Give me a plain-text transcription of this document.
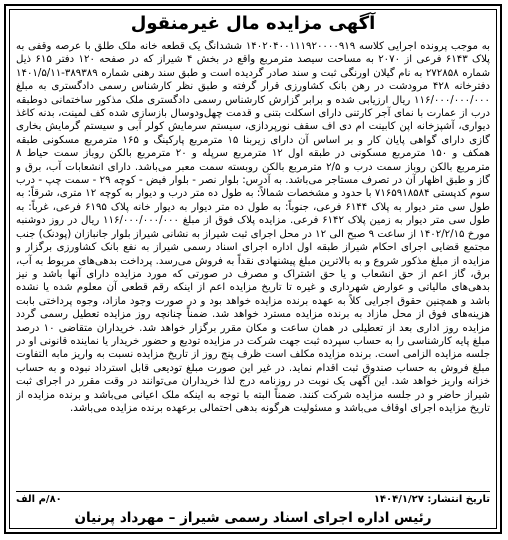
آگهی مزایده مال غیرمنقول

به موجب پرونده اجرایی کلاسه ۱۴۰۲۰۴۰۰۱۱۱۹۲۰۰۰۰۹۱۹ ششدانگ یک قطعه خانه ملک طلق با عرصه وقفی به پلاک ۶۱۴۳ فرعی از ۲۰۷۰ به مساحت سیصد مترمربع واقع در بخش ۴ شیراز که در صفحه ۱۲۰ دفتر ۶۱۵ ذیل شماره ۲۷۲۸۵۸ به نام گیلان اورنگی ثبت و سند صادر گردیده است و طبق سند رهنی شماره ۳۸۹۳۸۹-۱۴۰۱/۵/۱۱ دفترخانه ۴۲۸ مرودشت در رهن بانک کشاورزی قرار گرفته و طبق نظر کارشناس رسمی دادگستری به مبلغ ۱۱۶/۰۰۰/۰۰۰/۰۰۰ ریال ارزیابی شده و برابر گزارش کارشناس رسمی دادگستری ملک مذکور ساختمانی دوطبقه درب از عمارت با نمای آجر کارتنی دارای اسکلت بتنی و قدمت چهل‌ودوسال بازسازی شده کف لمینت، بدنه کاغذ دیواری، آشپزخانه اپن کابینت ام دی اف سقف نورپردازی، سیستم سرمایش کولر آبی و سیستم گرمایش بخاری گازی دارای گواهی پایان کار و بر اساس آن دارای زیربنا ۱۵ مترمربع پارکینگ و ۱۶۵ مترمربع مسکونی طبقه همکف و ۱۵۰ مترمربع مسکونی در طبقه اول ۱۲ مترمربع سرپله و ۲۰ مترمربع بالکن روباز سمت حیاط ۸ مترمربع بالکن روباز سمت درب و ۲/۵ مترمربع بالکن روبسته سمت معبر می‌باشد. دارای انشعابات آب، برق و گاز و طبق اظهار آن در تصرف مستاجر می‌باشد. به آدرس: بلوار نصر - بلوار فیض - کوچه ۲۹ - سمت چپ - درب سوم کدپستی ۷۱۶۵۹۱۸۵۸۴ با حدود و مشخصات شمالاً: به طول ده متر درب و دیوار به کوچه ۱۲ متری، شرقاً: به طول سی متر دیوار به پلاک ۶۱۴۴ فرعی، جنوباً: به طول ده متر دیوار به دیوار خانه پلاک ۶۱۹۵ فرعی، غرباً: به طول سی متر دیوار به زمین پلاک ۶۱۴۲ فرعی. مزایده پلاک فوق از مبلغ ۱۱۶/۰۰۰/۰۰۰/۰۰۰ ریال در روز دوشنبه مورخ ۱۴۰۲/۲/۱۵ از ساعت ۹ صبح الی ۱۲ در محل اجرای ثبت شیراز به نشانی شیراز بلوار جانبازان (پودنک) جنب مجتمع قضایی اجرای احکام شیراز طبقه اول اداره اجرای اسناد رسمی شیراز به نفع بانک کشاورزی برگزار و مزایده از مبلغ مذکور شروع و به بالاترین مبلغ پیشنهادی نقداً به فروش می‌رسد. پرداخت بدهی‌های مربوط به آب، برق، گاز اعم از حق انشعاب و یا حق اشتراک و مصرف در صورتی که مورد مزایده دارای آنها باشد و نیز بدهی‌های مالیاتی و عوارض شهرداری و غیره تا تاریخ مزایده اعم از اینکه رقم قطعی آن معلوم شده یا نشده باشد و همچنین حقوق اجرایی کلاً به عهده برنده مزایده خواهد بود و در صورت وجود مازاد، وجوه پرداختی بابت هزینه‌های فوق از محل مازاد به برنده مزایده مسترد خواهد شد. ضمناً چنانچه روز مزایده تعطیل رسمی گردد مزایده روز اداری بعد از تعطیلی در همان ساعت و مکان مقرر برگزار خواهد شد. خریداران متقاضی ۱۰ درصد مبلغ پایه کارشناسی را به حساب سپرده ثبت جهت شرکت در مزایده تودیع و حضور خریدار یا نماینده قانونی او در جلسه مزایده الزامی است. برنده مزایده مکلف است ظرف پنج روز از تاریخ مزایده نسبت به واریز مابه التفاوت مبلغ فروش به حساب صندوق ثبت اقدام نماید. در غیر این صورت مبلغ تودیعی قابل استرداد نبوده و به حساب خزانه واریز خواهد شد. این آگهی یک نوبت در روزنامه درج لذا خریداران می‌توانند در وقت مقرر در اجرای ثبت شیراز حاضر و در جلسه مزایده شرکت کنند. ضمناً البته با توجه به اینکه ملک اعیانی می‌باشد و برنده مزایده از تاریخ مزایده اجرای اوقاف می‌باشد و مسئولیت هرگونه بدهی احتمالی برعهده برنده مزایده می‌باشد.

تاریخ انتشار: ۱۴۰۴/۱/۲۷
۸۰/م الف
رئیس اداره اجرای اسناد رسمی شیراز – مهرداد پرنیان
